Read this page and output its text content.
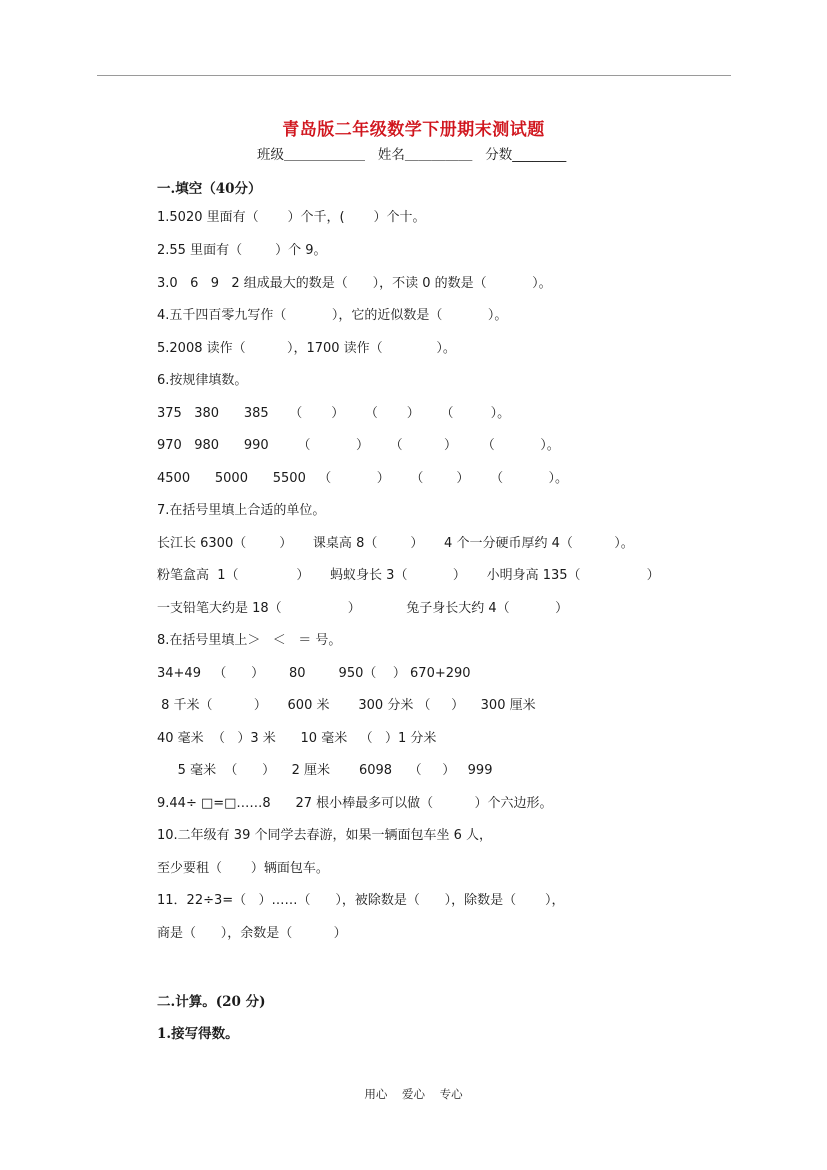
青岛版二年级数学下册期末测试题
班级＿＿＿＿＿＿   姓名＿＿＿＿＿   分数________
一.填空（40分）
1.5020 里面有（       ）个千，(       ）个十。
2.55 里面有（        ）个 9。
3.0   6   9   2 组成最大的数是（      ），不读 0 的数是（           ）。
4.五千四百零九写作（           ），它的近似数是（           ）。
5.2008 读作（          ），1700 读作（             ）。
6.按规律填数。
375   380      385     （       ）     （       ）     （         ）。
970   980      990       （           ）     （          ）      （           ）。
4500      5000      5500   （           ）     （        ）     （           ）。
7.在括号里填上合适的单位。
长江长 6300（        ）     课桌高 8（        ）     4 个一分硬币厚约 4（          ）。
粉笔盒高  1（              ）     蚂蚁身长 3（           ）     小明身高 135（                ）
一支铅笔大约是 18（                ）           兔子身长大约 4（           ）
8.在括号里填上＞   ＜   ＝ 号。
34+49   （      ）      80        950（    ） 670+290
8 千米（          ）     600 米       300 分米 （     ）    300 厘米
40 毫米  （   ）3 米      10 毫米   （   ）1 分米
5 毫米  （      ）    2 厘米       6098    （     ）   999
9.44÷ □=□……8      27 根小棒最多可以做（          ）个六边形。
10.二年级有 39 个同学去春游，如果一辆面包车坐 6 人，
至少要租（       ）辆面包车。
11．22÷3=（   ）……（      ），被除数是（      ），除数是（       ），
商是（      ），余数是（          ）
二.计算。(20 分)
1.接写得数。
用心    爱心    专心
